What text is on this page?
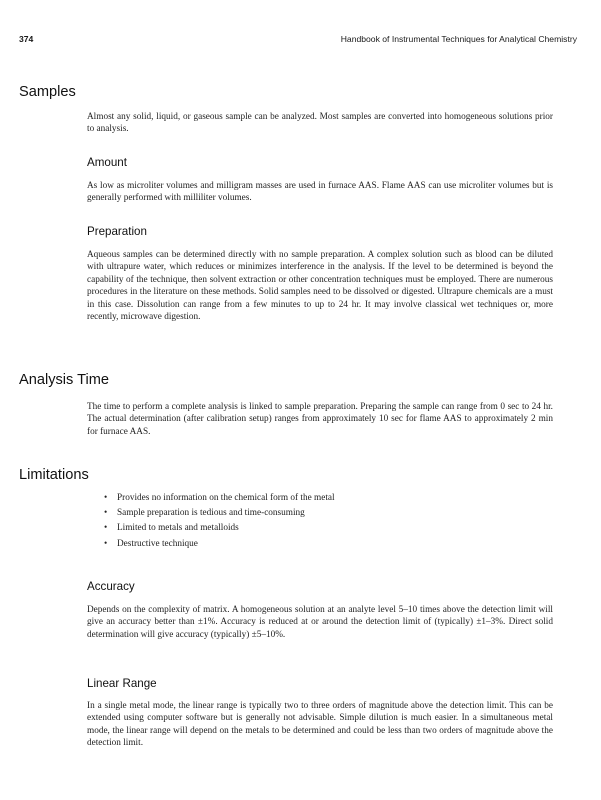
374	Handbook of Instrumental Techniques for Analytical Chemistry
Samples
Almost any solid, liquid, or gaseous sample can be analyzed. Most samples are converted into homogeneous solutions prior to analysis.
Amount
As low as microliter volumes and milligram masses are used in furnace AAS. Flame AAS can use microliter volumes but is generally performed with milliliter volumes.
Preparation
Aqueous samples can be determined directly with no sample preparation. A complex solution such as blood can be diluted with ultrapure water, which reduces or minimizes interference in the analysis. If the level to be determined is beyond the capability of the technique, then solvent extraction or other concentration techniques must be employed. There are numerous procedures in the literature on these methods. Solid samples need to be dissolved or digested. Ultrapure chemicals are a must in this case. Dissolution can range from a few minutes to up to 24 hr. It may involve classical wet techniques or, more recently, microwave digestion.
Analysis Time
The time to perform a complete analysis is linked to sample preparation. Preparing the sample can range from 0 sec to 24 hr. The actual determination (after calibration setup) ranges from approximately 10 sec for flame AAS to approximately 2 min for furnace AAS.
Limitations
• Provides no information on the chemical form of the metal
• Sample preparation is tedious and time-consuming
• Limited to metals and metalloids
• Destructive technique
Accuracy
Depends on the complexity of matrix. A homogeneous solution at an analyte level 5–10 times above the detection limit will give an accuracy better than ±1%. Accuracy is reduced at or around the detection limit of (typically) ±1–3%. Direct solid determination will give accuracy (typically) ±5–10%.
Linear Range
In a single metal mode, the linear range is typically two to three orders of magnitude above the detection limit. This can be extended using computer software but is generally not advisable. Simple dilution is much easier. In a simultaneous metal mode, the linear range will depend on the metals to be determined and could be less than two orders of magnitude above the detection limit.
